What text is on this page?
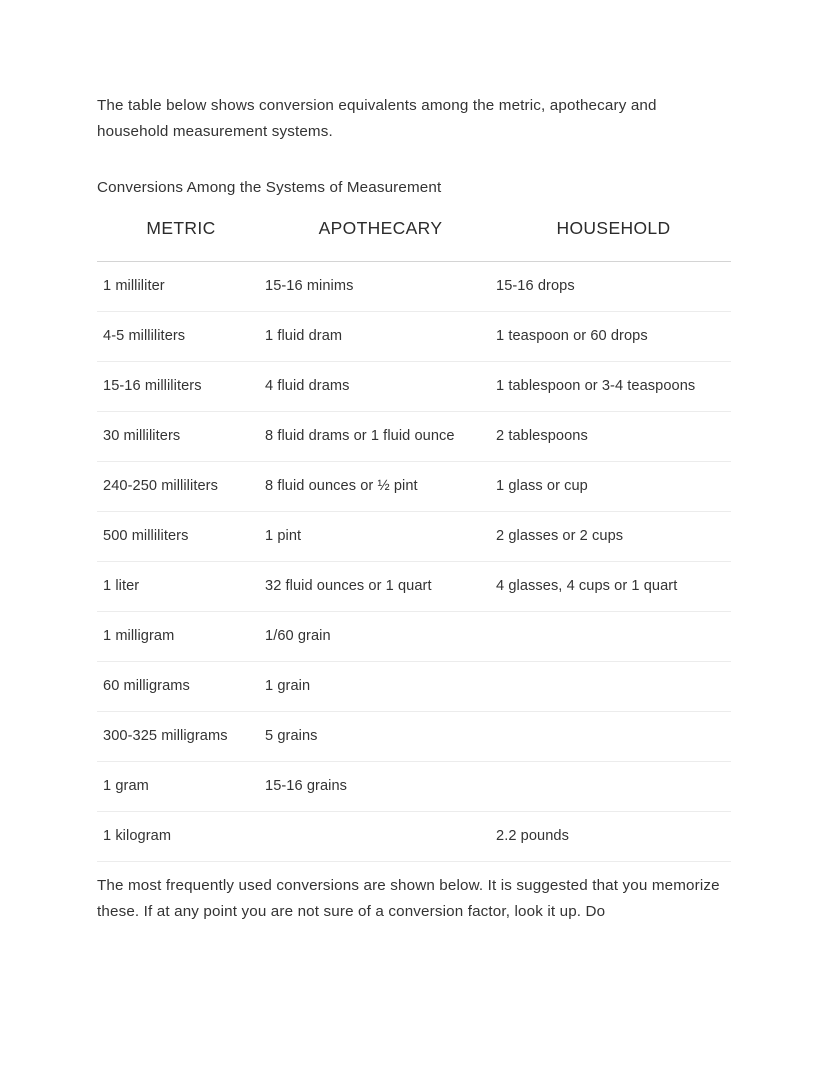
The table below shows conversion equivalents among the metric, apothecary and household measurement systems.

Conversions Among the Systems of Measurement

METRIC	APOTHECARY	HOUSEHOLD
1 milliliter	15-16 minims	15-16 drops
4-5 milliliters	1 fluid dram	1 teaspoon or 60 drops
15-16 milliliters	4 fluid drams	1 tablespoon or 3-4 teaspoons
30 milliliters	8 fluid drams or 1 fluid ounce	2 tablespoons
240-250 milliliters	8 fluid ounces or ½ pint	1 glass or cup
500 milliliters	1 pint	2 glasses or 2 cups
1 liter	32 fluid ounces or 1 quart	4 glasses, 4 cups or 1 quart
1 milligram	1/60 grain	
60 milligrams	1 grain	
300-325 milligrams	5 grains	
1 gram	15-16 grains	
1 kilogram		2.2 pounds

The most frequently used conversions are shown below. It is suggested that you memorize these. If at any point you are not sure of a conversion factor, look it up. Do
